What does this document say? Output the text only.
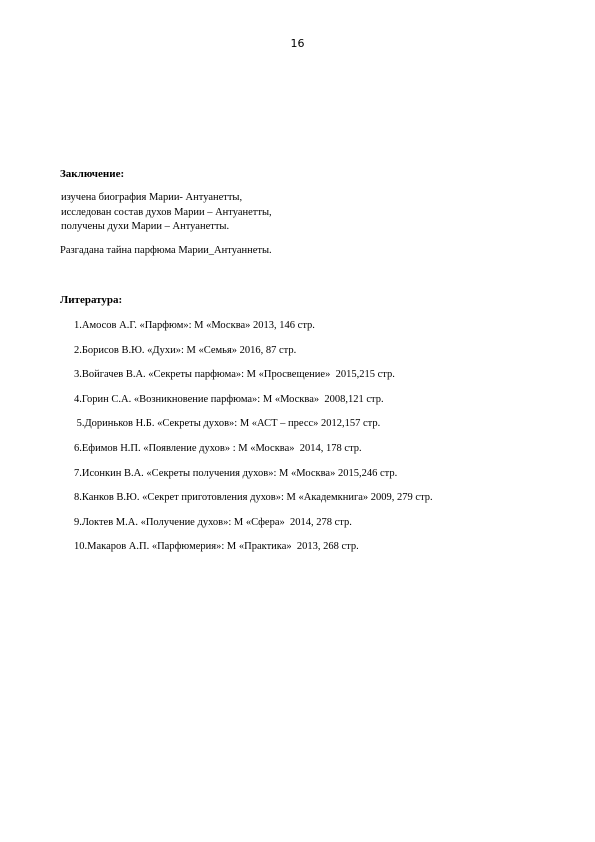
16
Заключение:
изучена биография Марии- Антуанетты,
исследован состав духов Марии – Антуанетты,
получены духи Марии – Антуанетты.
Разгадана тайна парфюма Марии_Антуаннеты.
Литература:
1.Амосов А.Г. «Парфюм»: М «Москва» 2013, 146 стр.
2.Борисов В.Ю. «Духи»: М «Семья» 2016, 87 стр.
3.Войгачев В.А. «Секреты парфюма»: М «Просвещение»  2015,215 стр.
4.Горин С.А. «Возникновение парфюма»: М «Москва»  2008,121 стр.
5.Дориньков Н.Б. «Секреты духов»: М «АСТ – пресс» 2012,157 стр.
6.Ефимов Н.П. «Появление духов» : М «Москва»  2014, 178 стр.
7.Исонкин В.А. «Секреты получения духов»: М «Москва» 2015,246 стр.
8.Канков В.Ю. «Секрет приготовления духов»: М «Академкнига» 2009, 279 стр.
9.Локтев М.А. «Получение духов»: М «Сфера»  2014, 278 стр.
10.Макаров А.П. «Парфюмерия»: М «Практика»  2013, 268 стр.
